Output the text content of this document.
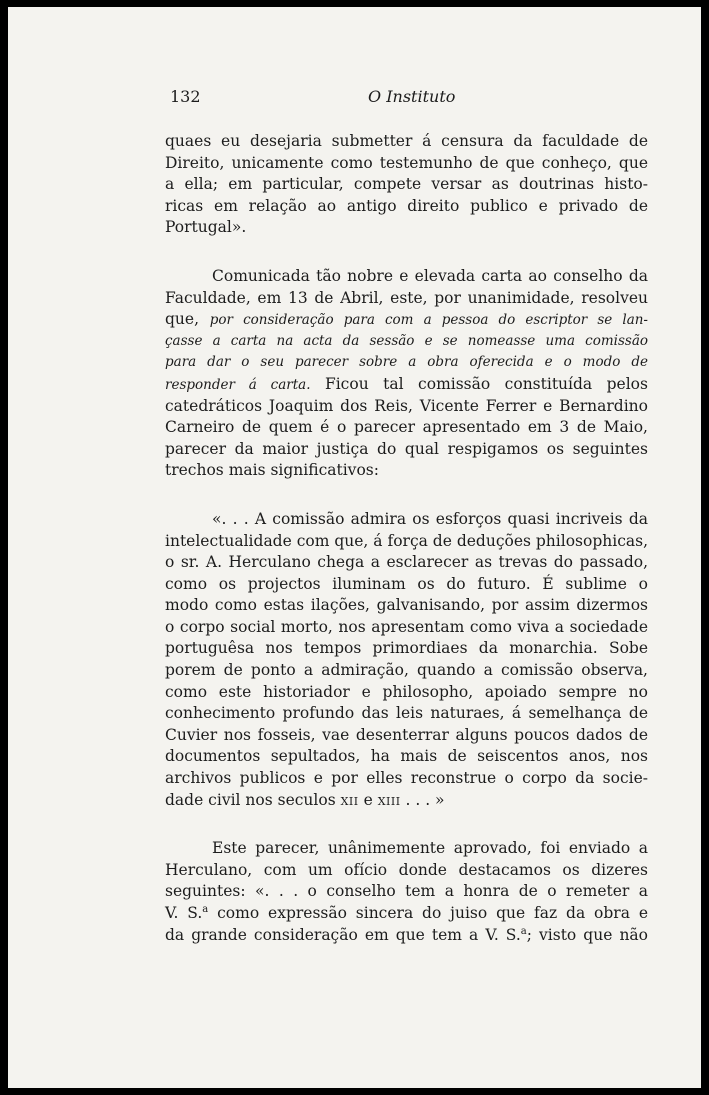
132	O Instituto
quaes eu desejaria submetter á censura da faculdade de
Direito, unicamente como testemunho de que conheço, que
a ella; em particular, compete versar as doutrinas histo-
ricas em relação ao antigo direito publico e privado de
Portugal».
Comunicada tão nobre e elevada carta ao conselho da
Faculdade, em 13 de Abril, este, por unanimidade, resolveu
que, por consideração para com a pessoa do escriptor se lan-
çasse a carta na acta da sessão e se nomeasse uma comissão
para dar o seu parecer sobre a obra oferecida e o modo de
responder á carta. Ficou tal comissão constituída pelos
catedráticos Joaquim dos Reis, Vicente Ferrer e Bernardino
Carneiro de quem é o parecer apresentado em 3 de Maio,
parecer da maior justiça do qual respigamos os seguintes
trechos mais significativos:
«. . . A comissão admira os esforços quasi incriveis da
intelectualidade com que, á força de deduções philosophicas,
o sr. A. Herculano chega a esclarecer as trevas do passado,
como os projectos iluminam os do futuro. É sublime o
modo como estas ilações, galvanisando, por assim dizermos
o corpo social morto, nos apresentam como viva a sociedade
portuguêsa nos tempos primordiaes da monarchia. Sobe
porem de ponto a admiração, quando a comissão observa,
como este historiador e philosopho, apoiado sempre no
conhecimento profundo das leis naturaes, á semelhança de
Cuvier nos fosseis, vae desenterrar alguns poucos dados de
documentos sepultados, ha mais de seiscentos anos, nos
archivos publicos e por elles reconstrue o corpo da socie-
dade civil nos seculos XII e XIII . . . »
Este parecer, unânimemente aprovado, foi enviado a
Herculano, com um ofício donde destacamos os dizeres
seguintes: «. . . o conselho tem a honra de o remeter a
V. S.$^a$ como expressão sincera do juiso que faz da obra e
da grande consideração em que tem a V. S.$^a$; visto que não
